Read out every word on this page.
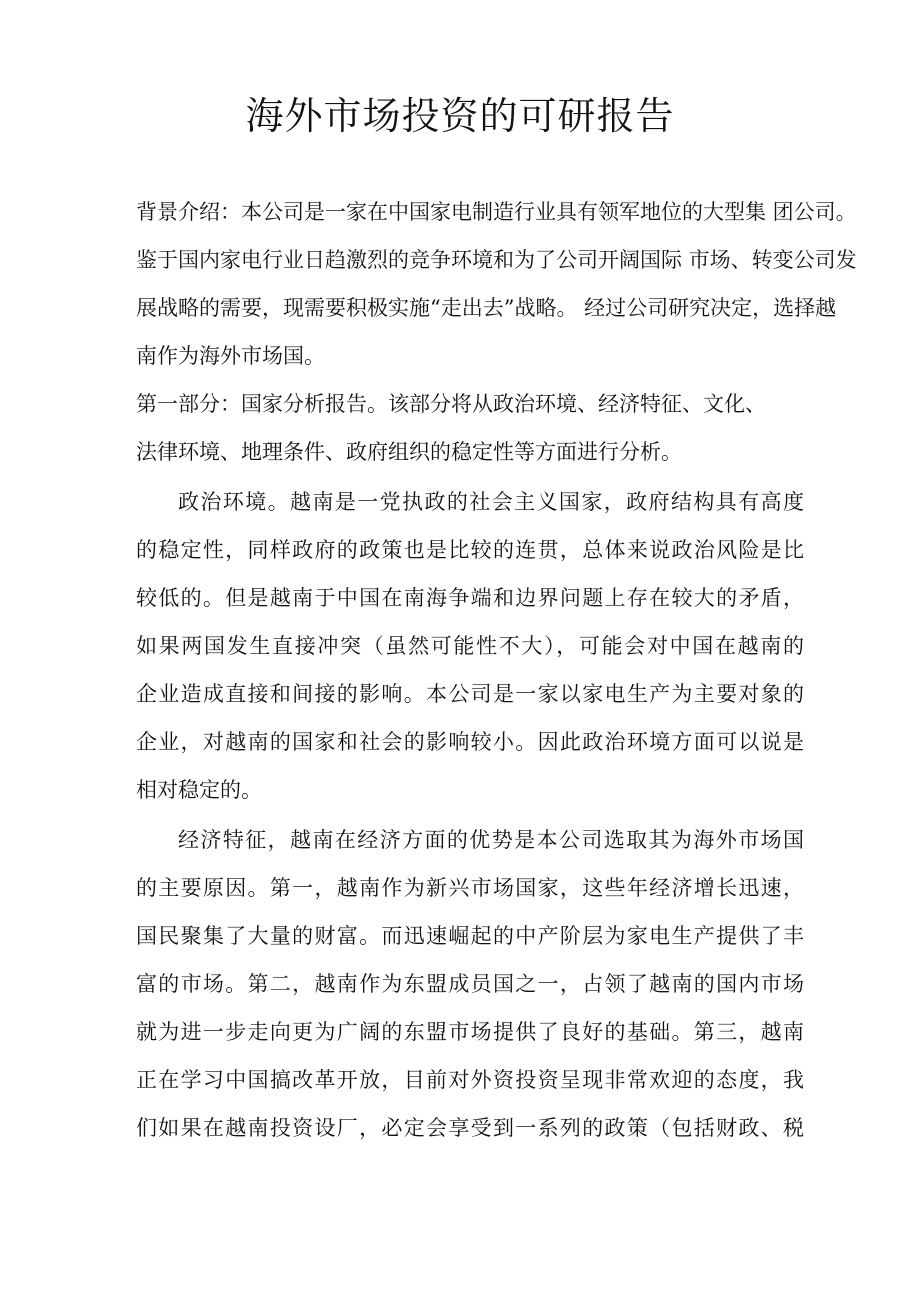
海外市场投资的可研报告

背景介绍：本公司是一家在中国家电制造行业具有领军地位的大型集 团公司。

鉴于国内家电行业日趋激烈的竞争环境和为了公司开阔国际 市场、转变公司发

展战略的需要，现需要积极实施“走出去”战略。 经过公司研究决定，选择越

南作为海外市场国。

第一部分：国家分析报告。该部分将从政治环境、经济特征、文化、

法律环境、地理条件、政府组织的稳定性等方面进行分析。

政治环境。越南是一党执政的社会主义国家，政府结构具有高度

的稳定性，同样政府的政策也是比较的连贯，总体来说政治风险是比

较低的。但是越南于中国在南海争端和边界问题上存在较大的矛盾，

如果两国发生直接冲突（虽然可能性不大），可能会对中国在越南的

企业造成直接和间接的影响。本公司是一家以家电生产为主要对象的

企业，对越南的国家和社会的影响较小。因此政治环境方面可以说是

相对稳定的。

经济特征，越南在经济方面的优势是本公司选取其为海外市场国

的主要原因。第一，越南作为新兴市场国家，这些年经济增长迅速，

国民聚集了大量的财富。而迅速崛起的中产阶层为家电生产提供了丰

富的市场。第二，越南作为东盟成员国之一，占领了越南的国内市场

就为进一步走向更为广阔的东盟市场提供了良好的基础。第三，越南

正在学习中国搞改革开放，目前对外资投资呈现非常欢迎的态度，我

们如果在越南投资设厂，必定会享受到一系列的政策（包括财政、税
